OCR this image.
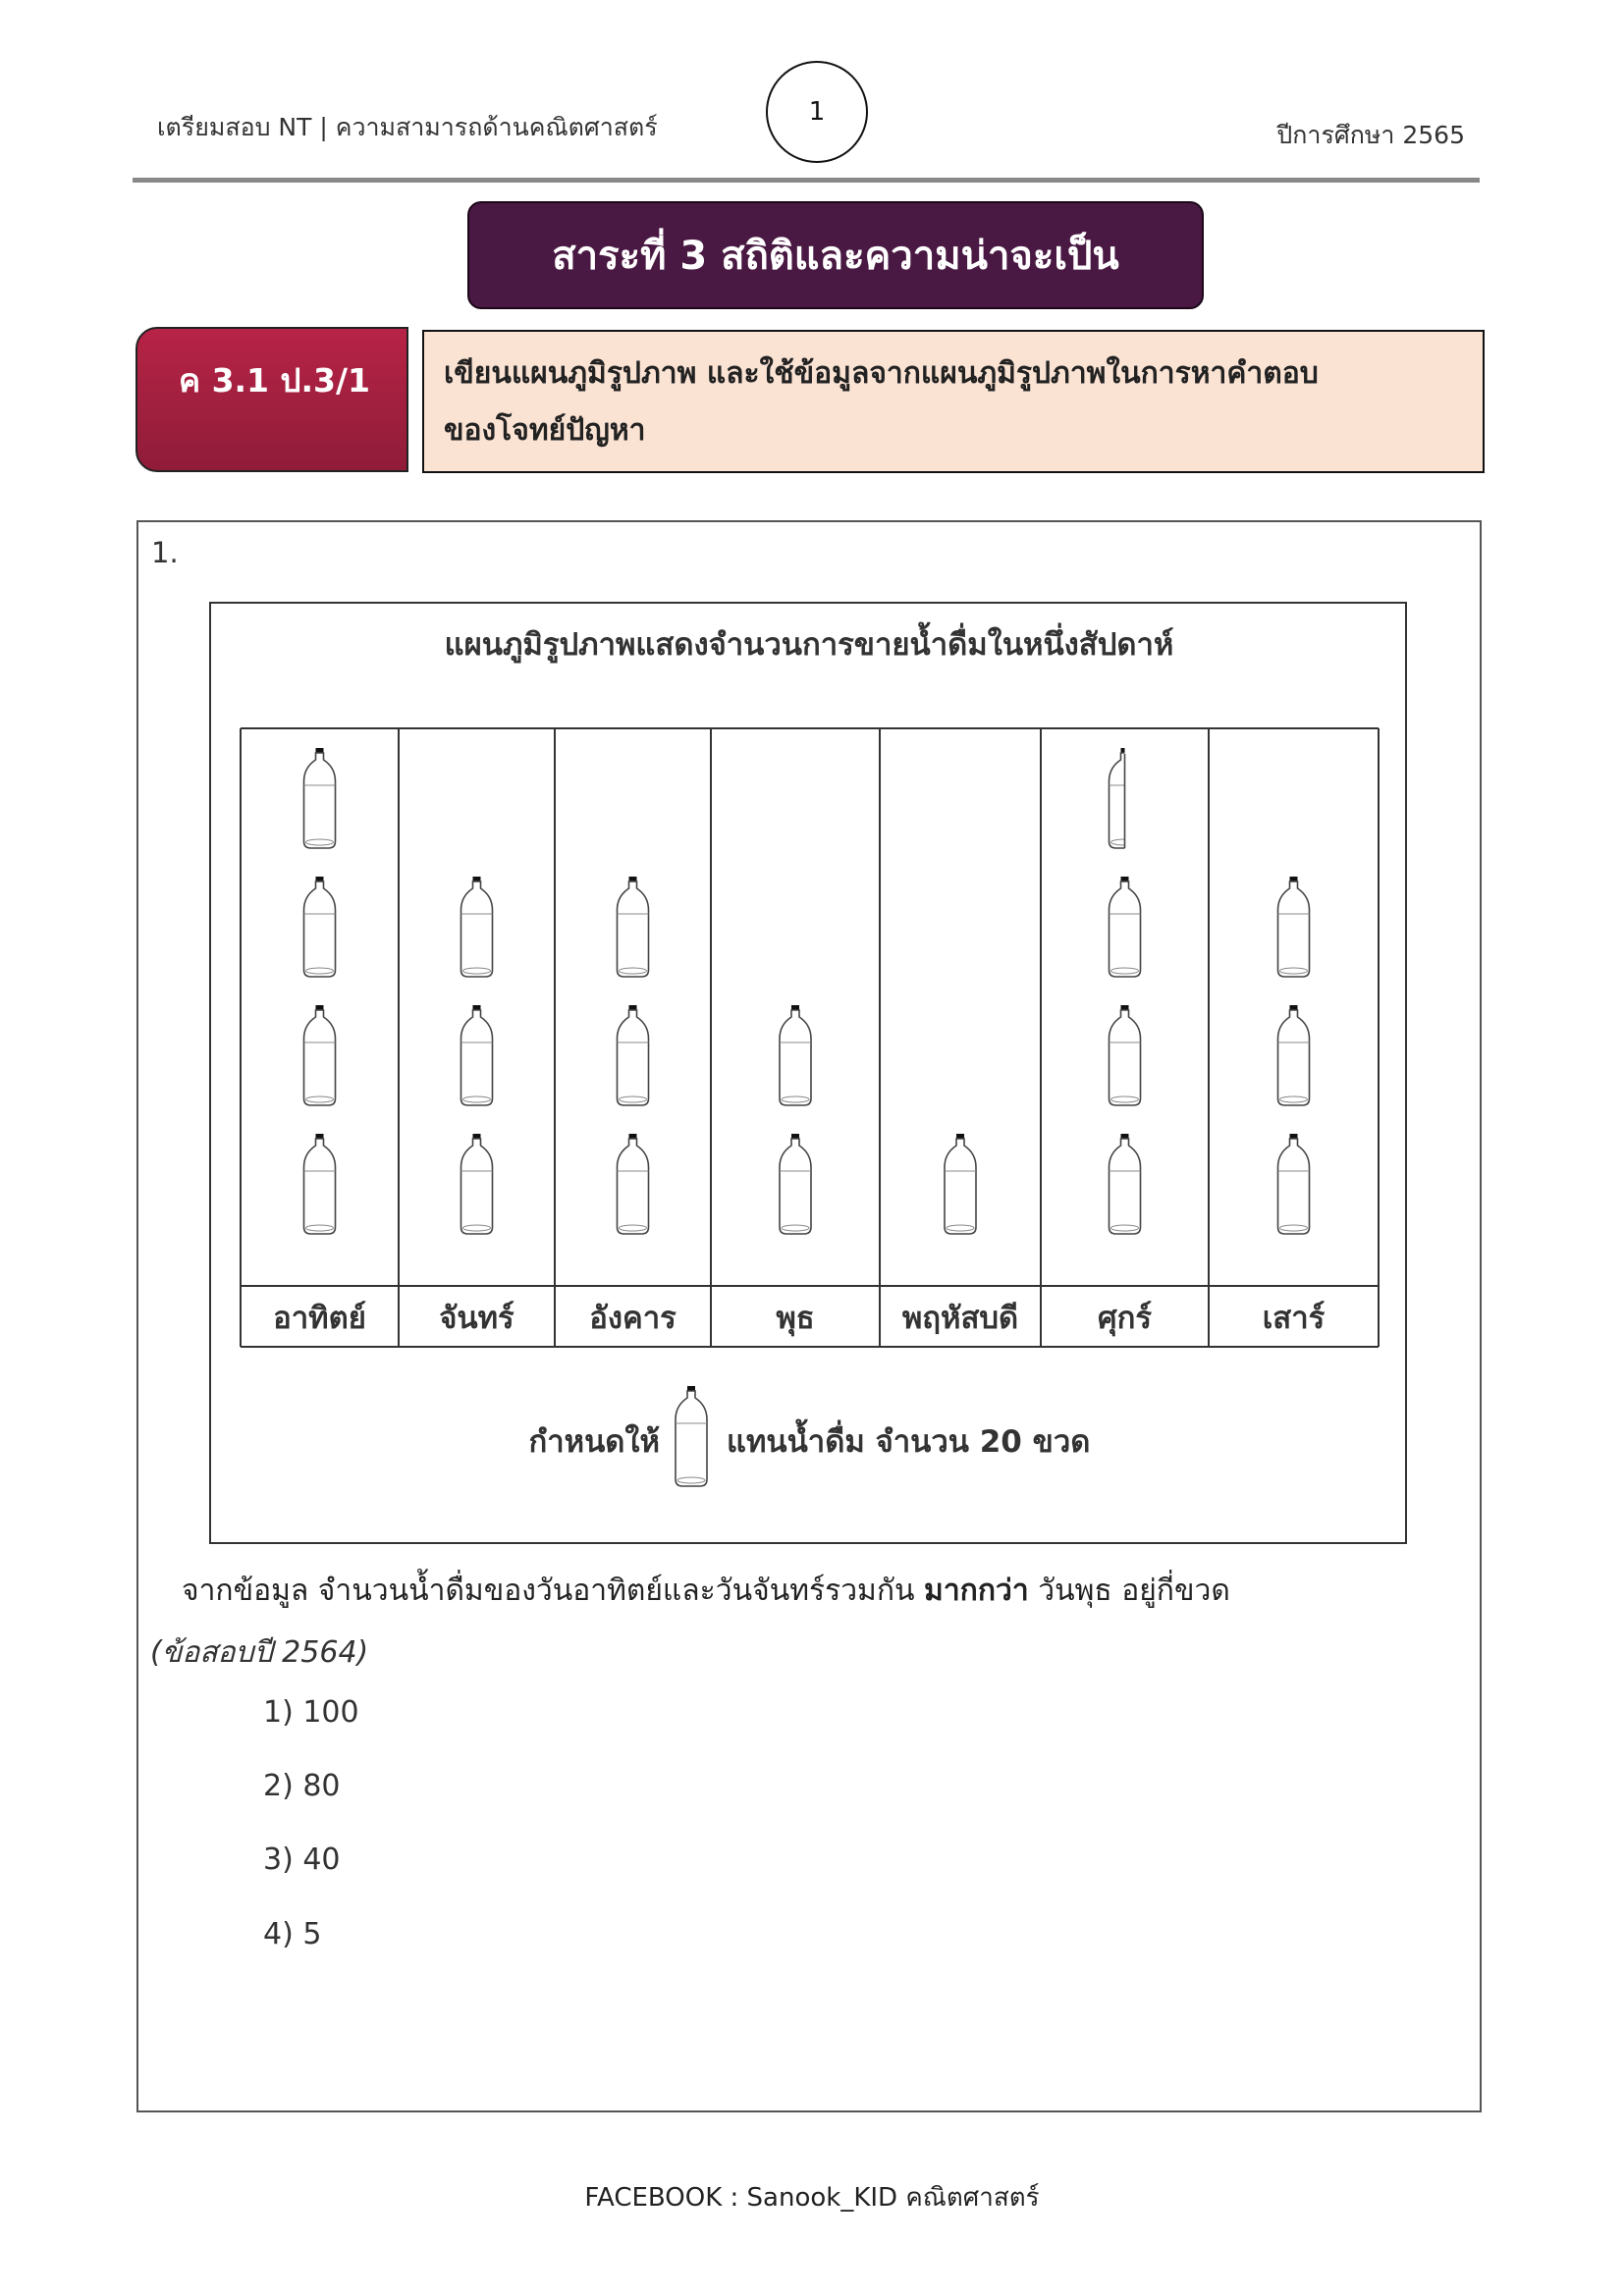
เตรียมสอบ NT | ความสามารถด้านคณิตศาสตร์
1
ปีการศึกษา 2565
สาระที่ 3 สถิติและความน่าจะเป็น
ค 3.1 ป.3/1	เขียนแผนภูมิรูปภาพ และใช้ข้อมูลจากแผนภูมิรูปภาพในการหาคำตอบ
ของโจทย์ปัญหา
1.
แผนภูมิรูปภาพแสดงจำนวนการขายน้ำดื่มในหนึ่งสัปดาห์
อาทิตย์ จันทร์ อังคาร	พุธ	พฤหัสบดี	ศุกร์	เสาร์
กำหนดให้ แทนน้ำดื่ม จำนวน 20 ขวด
จากข้อมูล จำนวนน้ำดื่มของวันอาทิตย์และวันจันทร์รวมกัน มากกว่า วันพุธ อยู่กี่ขวด
(ข้อสอบปี 2564)
1) 100
2) 80
3) 40
4) 5
FACEBOOK : Sanook_KID คณิตศาสตร์
